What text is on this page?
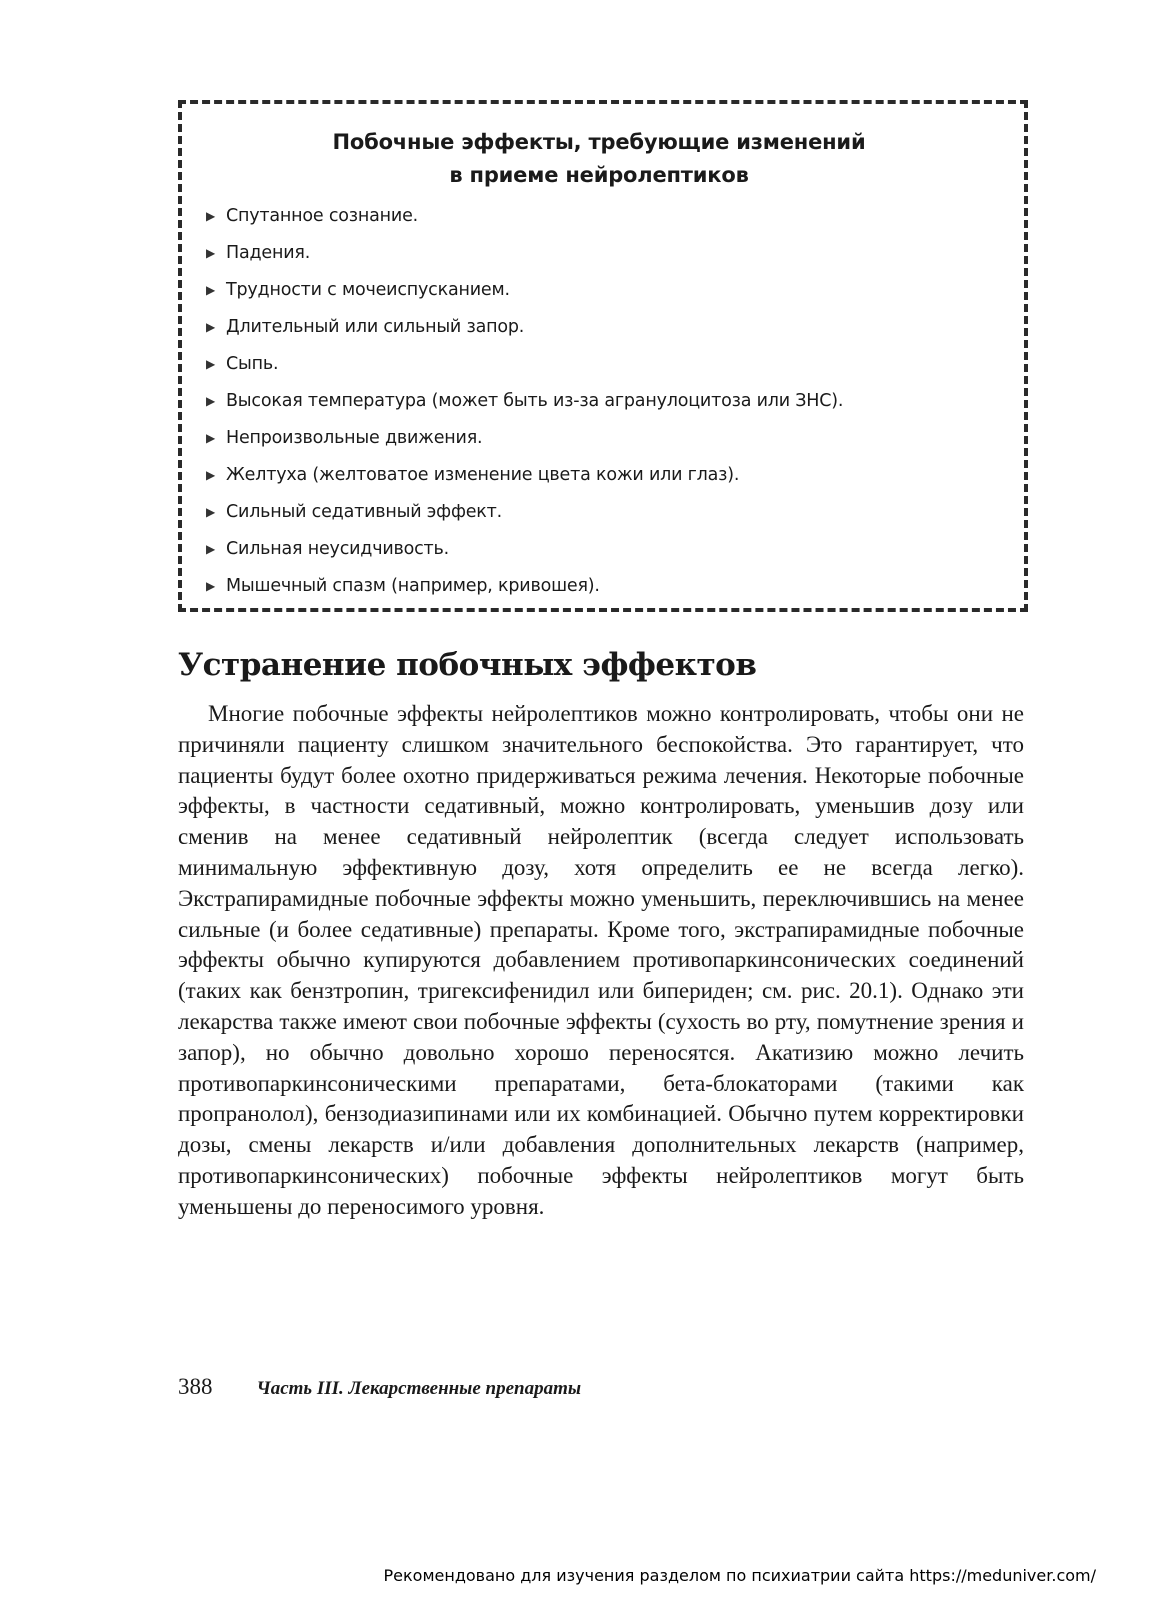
Побочные эффекты, требующие изменений
в приеме нейролептиков
▶ Спутанное сознание.
▶ Падения.
▶ Трудности с мочеиспусканием.
▶ Длительный или сильный запор.
▶ Сыпь.
▶ Высокая температура (может быть из-за агранулоцитоза или ЗНС).
▶ Непроизвольные движения.
▶ Желтуха (желтоватое изменение цвета кожи или глаз).
▶ Сильный седативный эффект.
▶ Сильная неусидчивость.
▶ Мышечный спазм (например, кривошея).
Устранение побочных эффектов

Многие побочные эффекты нейролептиков можно контролировать, чтобы они не причиняли пациенту слишком значительного беспокойства. Это гарантирует, что пациенты будут более охотно придерживаться режима лечения. Некоторые побочные эффекты, в частности седативный, можно контролировать, уменьшив дозу или сменив на менее седативный нейролептик (всегда следует использовать минимальную эффективную дозу, хотя определить ее не всегда легко). Экстрапирамидные побочные эффекты можно уменьшить, переключившись на менее сильные (и более седативные) препараты. Кроме того, экстрапирамидные побочные эффекты обычно купируются добавлением противопаркинсонических соединений (таких как бензтропин, тригексифенидил или бипериден; см. рис. 20.1). Однако эти лекарства также имеют свои побочные эффекты (сухость во рту, помутнение зрения и запор), но обычно довольно хорошо переносятся. Акатизию можно лечить противопаркинсоническими препаратами, бета-блокаторами (такими как пропранолол), бензодиазипинами или их комбинацией. Обычно путем корректировки дозы, смены лекарств и/или добавления дополнительных лекарств (например, противопаркинсонических) побочные эффекты нейролептиков могут быть уменьшены до переносимого уровня.

388 Часть III. Лекарственные препараты
Рекомендовано для изучения разделом по психиатрии сайта https://meduniver.com/
